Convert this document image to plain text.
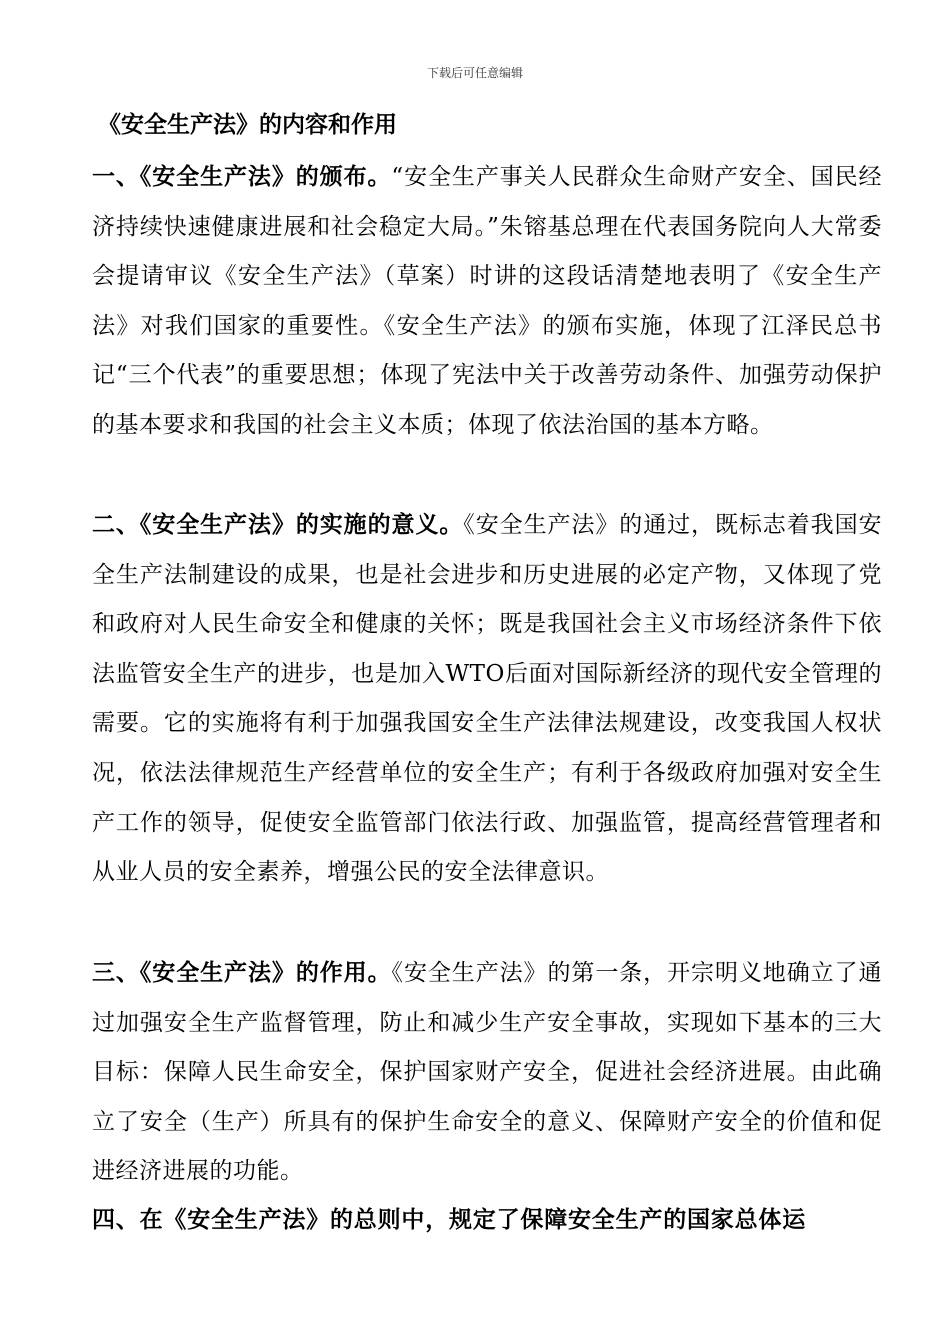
下载后可任意编辑
《安全生产法》的内容和作用
一、《安全生产法》的颁布。“安全生产事关人民群众生命财产安全、国民经济持续快速健康进展和社会稳定大局。”朱镕基总理在代表国务院向人大常委会提请审议《安全生产法》（草案）时讲的这段话清楚地表明了《安全生产法》对我们国家的重要性。《安全生产法》的颁布实施，体现了江泽民总书记“三个代表”的重要思想；体现了宪法中关于改善劳动条件、加强劳动保护的基本要求和我国的社会主义本质；体现了依法治国的基本方略。
二、《安全生产法》的实施的意义。《安全生产法》的通过，既标志着我国安全生产法制建设的成果，也是社会进步和历史进展的必定产物，又体现了党和政府对人民生命安全和健康的关怀；既是我国社会主义市场经济条件下依法监管安全生产的进步，也是加入WTO后面对国际新经济的现代安全管理的需要。它的实施将有利于加强我国安全生产法律法规建设，改变我国人权状况，依法法律规范生产经营单位的安全生产；有利于各级政府加强对安全生产工作的领导，促使安全监管部门依法行政、加强监管，提高经营管理者和从业人员的安全素养，增强公民的安全法律意识。
三、《安全生产法》的作用。《安全生产法》的第一条，开宗明义地确立了通过加强安全生产监督管理，防止和减少生产安全事故，实现如下基本的三大目标：保障人民生命安全，保护国家财产安全，促进社会经济进展。由此确立了安全（生产）所具有的保护生命安全的意义、保障财产安全的价值和促进经济进展的功能。
四、在《安全生产法》的总则中，规定了保障安全生产的国家总体运
